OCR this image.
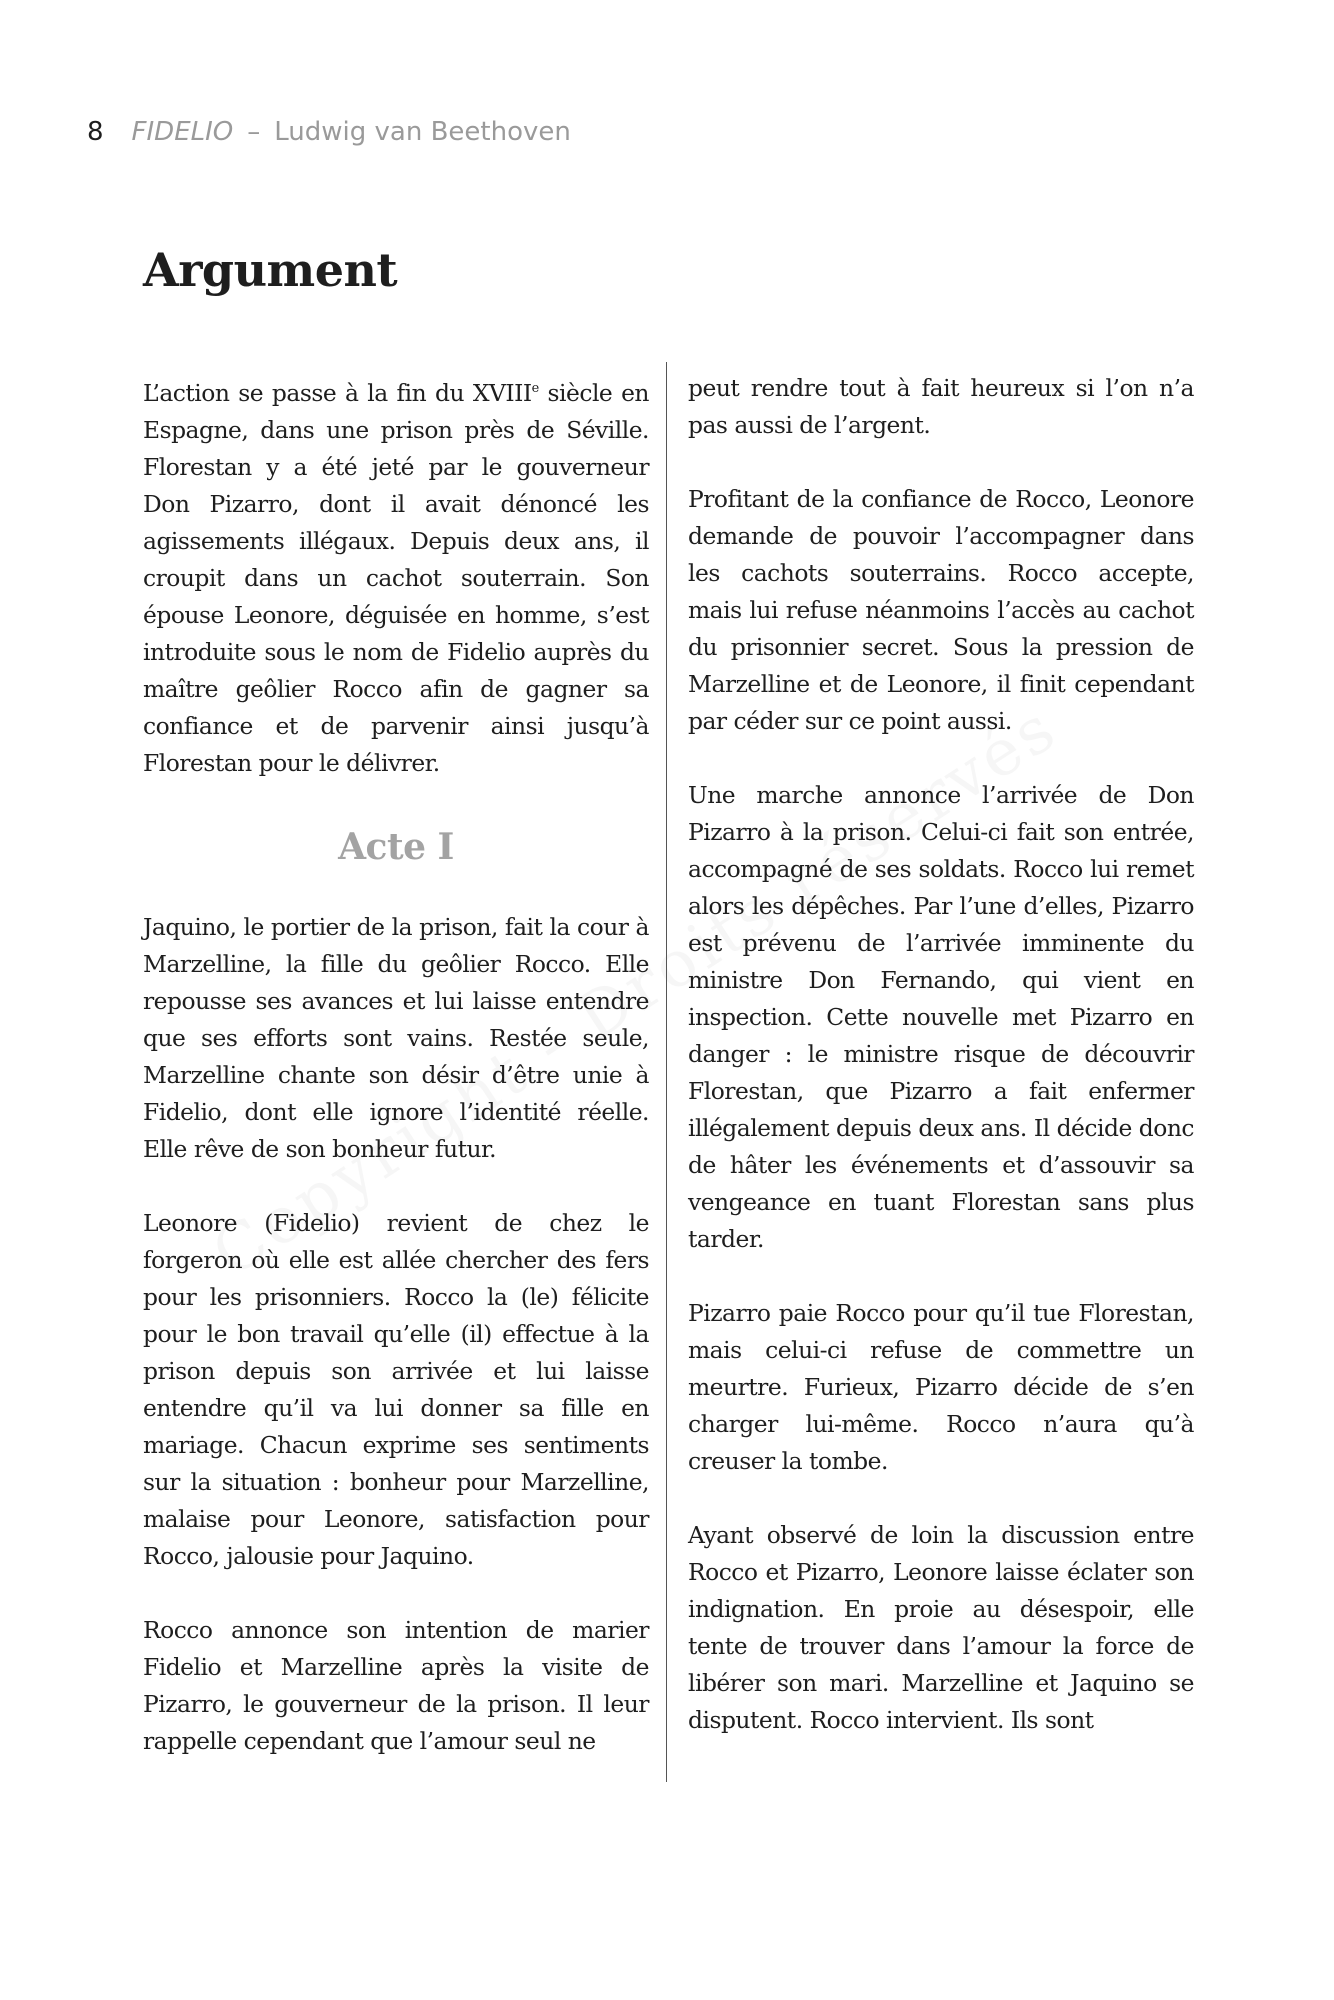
8 FIDELIO – Ludwig van Beethoven
Argument

L’action se passe à la fin du XVIIIe siècle en Espagne, dans une prison près de Séville. Florestan y a été jeté par le gouverneur Don Pizarro, dont il avait dénoncé les agissements illégaux. Depuis deux ans, il croupit dans un cachot souterrain. Son épouse Leonore, déguisée en homme, s’est introduite sous le nom de Fidelio auprès du maître geôlier Rocco afin de gagner sa confiance et de parvenir ainsi jusqu’à Florestan pour le délivrer.

Acte I

Jaquino, le portier de la prison, fait la cour à Marzelline, la fille du geôlier Rocco. Elle repousse ses avances et lui laisse entendre que ses efforts sont vains. Restée seule, Marzelline chante son désir d’être unie à Fidelio, dont elle ignore l’identité réelle. Elle rêve de son bonheur futur.

Leonore (Fidelio) revient de chez le forgeron où elle est allée chercher des fers pour les prisonniers. Rocco la (le) félicite pour le bon travail qu’elle (il) effectue à la prison depuis son arrivée et lui laisse entendre qu’il va lui donner sa fille en mariage. Chacun exprime ses sentiments sur la situation : bonheur pour Marzelline, malaise pour Leonore, satisfaction pour Rocco, jalousie pour Jaquino.

Rocco annonce son intention de marier Fidelio et Marzelline après la visite de Pizarro, le gouverneur de la prison. Il leur rappelle cependant que l’amour seul ne

peut rendre tout à fait heureux si l’on n’a pas aussi de l’argent.

Profitant de la confiance de Rocco, Leonore demande de pouvoir l’accompagner dans les cachots souterrains. Rocco accepte, mais lui refuse néanmoins l’accès au cachot du prisonnier secret. Sous la pression de Marzelline et de Leonore, il finit cependant par céder sur ce point aussi.

Une marche annonce l’arrivée de Don Pizarro à la prison. Celui-ci fait son entrée, accompagné de ses soldats. Rocco lui remet alors les dépêches. Par l’une d’elles, Pizarro est prévenu de l’arrivée imminente du ministre Don Fernando, qui vient en inspection. Cette nouvelle met Pizarro en danger : le ministre risque de découvrir Florestan, que Pizarro a fait enfermer illégalement depuis deux ans. Il décide donc de hâter les événements et d’assouvir sa vengeance en tuant Florestan sans plus tarder.

Pizarro paie Rocco pour qu’il tue Florestan, mais celui-ci refuse de commettre un meurtre. Furieux, Pizarro décide de s’en charger lui-même. Rocco n’aura qu’à creuser la tombe.

Ayant observé de loin la discussion entre Rocco et Pizarro, Leonore laisse éclater son indignation. En proie au désespoir, elle tente de trouver dans l’amour la force de libérer son mari. Marzelline et Jaquino se disputent. Rocco intervient. Ils sont
